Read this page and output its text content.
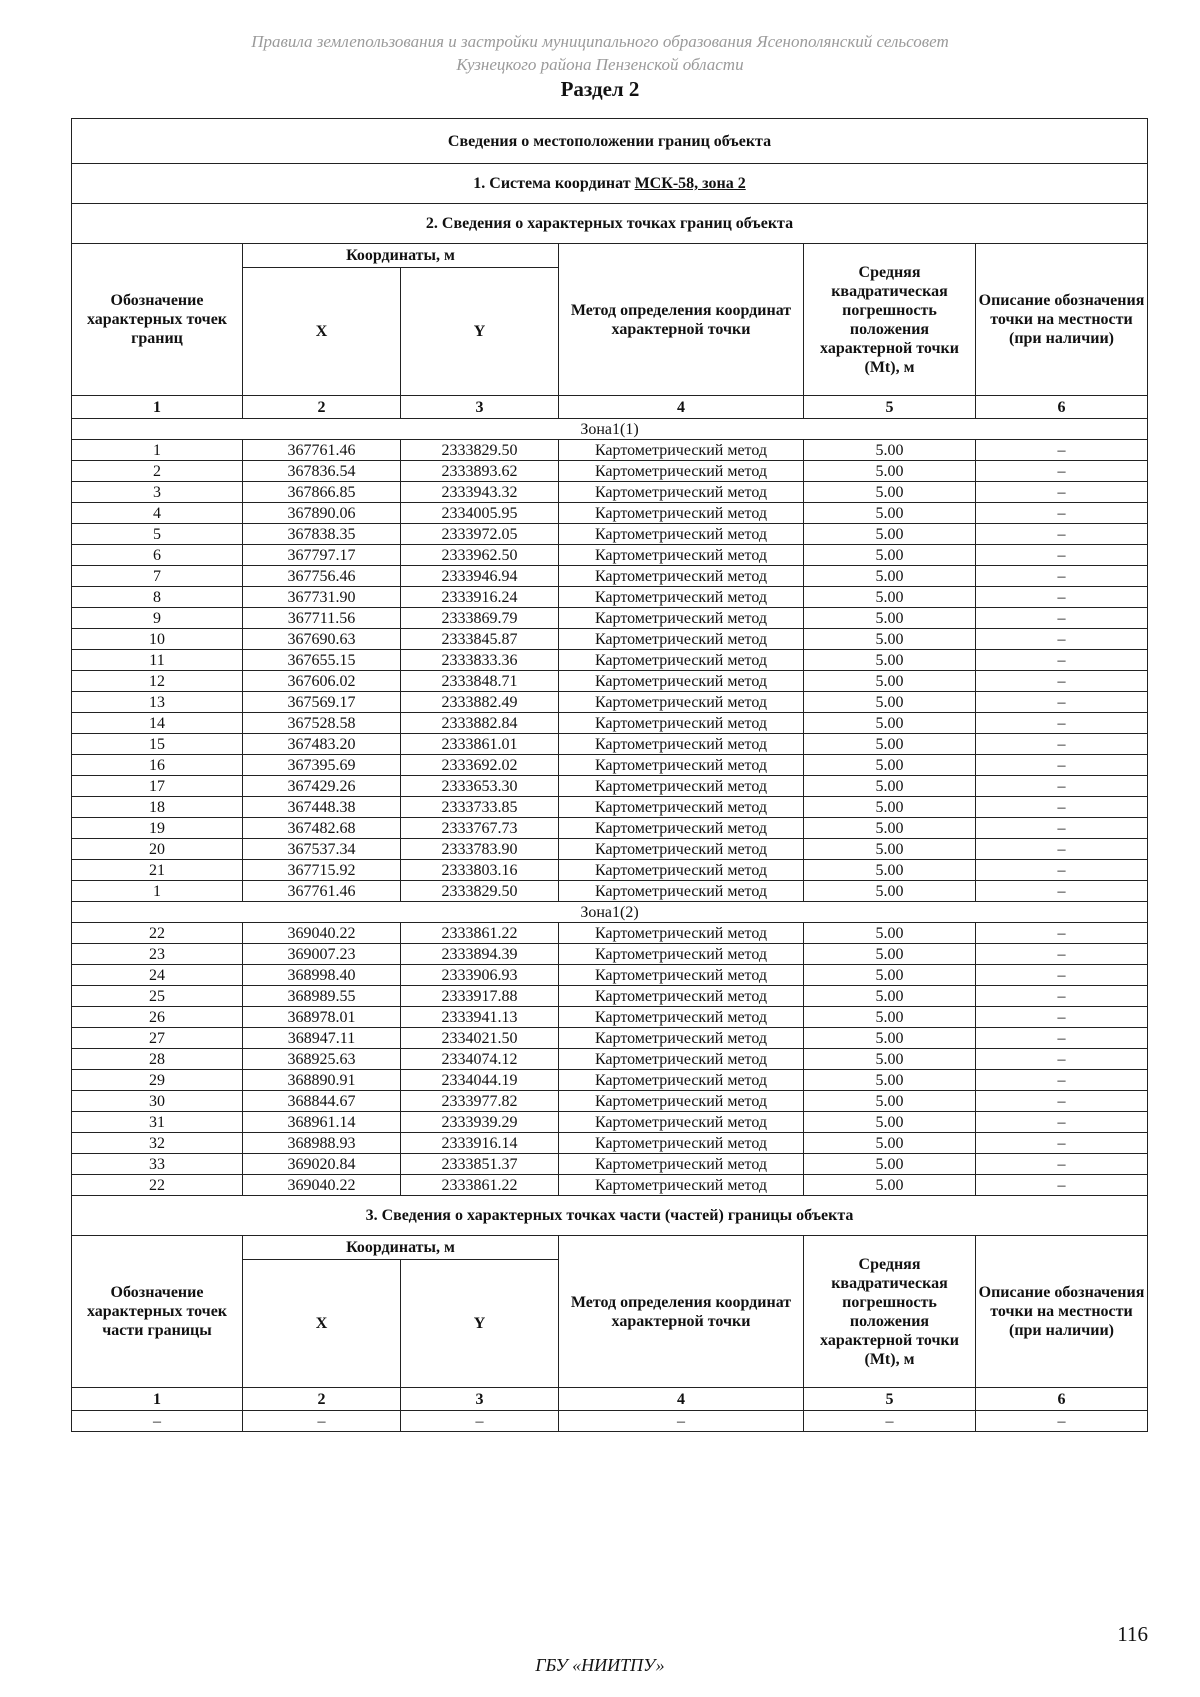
Правила землепользования и застройки муниципального образования Ясенополянский сельсовет
Кузнецкого района Пензенской области
Раздел 2
Сведения о местоположении границ объекта					
1. Система координат МСК-58, зона 2					
2. Сведения о характерных точках границ объекта					
Обозначение характерных точек границ	Координаты, м		Метод определения координат характерной точки	Средняя квадратическая погрешность положения характерной точки (Mt), м	Описание обозначения точки на местности (при наличии)
	X	Y			
1	2	3	4	5	6
Зона1(1)					
1	367761.46	2333829.50	Картометрический метод	5.00	–
2	367836.54	2333893.62	Картометрический метод	5.00	–
3	367866.85	2333943.32	Картометрический метод	5.00	–
4	367890.06	2334005.95	Картометрический метод	5.00	–
5	367838.35	2333972.05	Картометрический метод	5.00	–
6	367797.17	2333962.50	Картометрический метод	5.00	–
7	367756.46	2333946.94	Картометрический метод	5.00	–
8	367731.90	2333916.24	Картометрический метод	5.00	–
9	367711.56	2333869.79	Картометрический метод	5.00	–
10	367690.63	2333845.87	Картометрический метод	5.00	–
11	367655.15	2333833.36	Картометрический метод	5.00	–
12	367606.02	2333848.71	Картометрический метод	5.00	–
13	367569.17	2333882.49	Картометрический метод	5.00	–
14	367528.58	2333882.84	Картометрический метод	5.00	–
15	367483.20	2333861.01	Картометрический метод	5.00	–
16	367395.69	2333692.02	Картометрический метод	5.00	–
17	367429.26	2333653.30	Картометрический метод	5.00	–
18	367448.38	2333733.85	Картометрический метод	5.00	–
19	367482.68	2333767.73	Картометрический метод	5.00	–
20	367537.34	2333783.90	Картометрический метод	5.00	–
21	367715.92	2333803.16	Картометрический метод	5.00	–
1	367761.46	2333829.50	Картометрический метод	5.00	–
Зона1(2)					
22	369040.22	2333861.22	Картометрический метод	5.00	–
23	369007.23	2333894.39	Картометрический метод	5.00	–
24	368998.40	2333906.93	Картометрический метод	5.00	–
25	368989.55	2333917.88	Картометрический метод	5.00	–
26	368978.01	2333941.13	Картометрический метод	5.00	–
27	368947.11	2334021.50	Картометрический метод	5.00	–
28	368925.63	2334074.12	Картометрический метод	5.00	–
29	368890.91	2334044.19	Картометрический метод	5.00	–
30	368844.67	2333977.82	Картометрический метод	5.00	–
31	368961.14	2333939.29	Картометрический метод	5.00	–
32	368988.93	2333916.14	Картометрический метод	5.00	–
33	369020.84	2333851.37	Картометрический метод	5.00	–
22	369040.22	2333861.22	Картометрический метод	5.00	–
3. Сведения о характерных точках части (частей) границы объекта					
Обозначение характерных точек части границы	Координаты, м		Метод определения координат характерной точки	Средняя квадратическая погрешность положения характерной точки (Mt), м	Описание обозначения точки на местности (при наличии)
	X	Y			
1	2	3	4	5	6
–	–	–	–	–	–
116
ГБУ «НИИТПУ»
